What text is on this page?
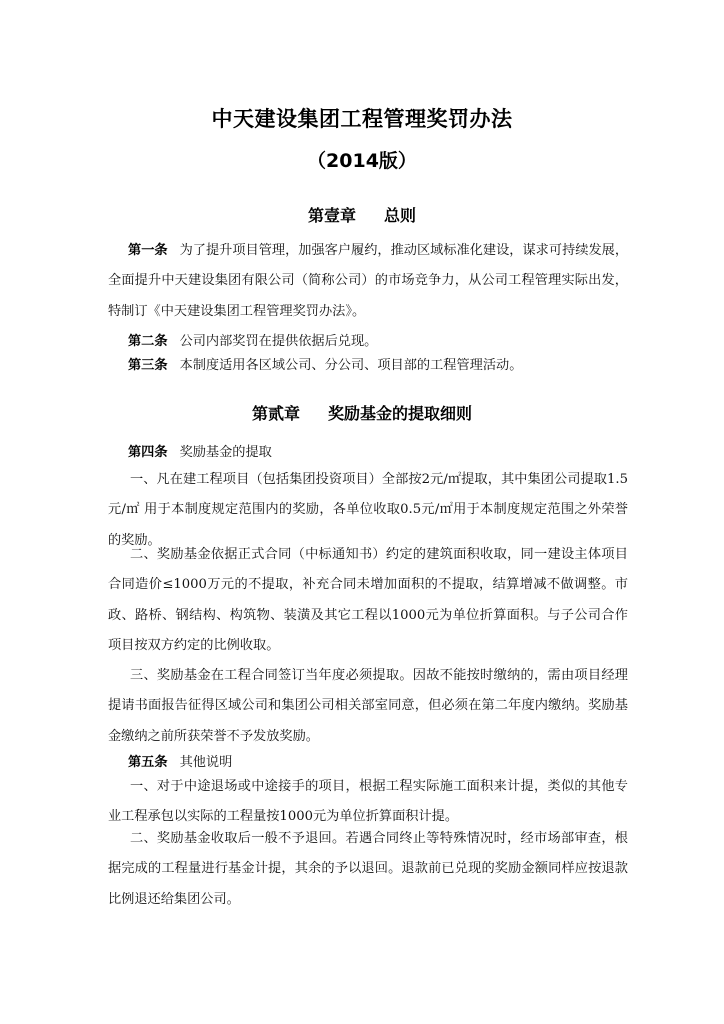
中天建设集团工程管理奖罚办法
（2014版）
第壹章 总则
第一条 为了提升项目管理，加强客户履约，推动区域标准化建设，谋求可持续发展，全面提升中天建设集团有限公司（简称公司）的市场竞争力，从公司工程管理实际出发，特制订《中天建设集团工程管理奖罚办法》。
第二条 公司内部奖罚在提供依据后兑现。
第三条 本制度适用各区域公司、分公司、项目部的工程管理活动。
第贰章 奖励基金的提取细则
第四条 奖励基金的提取
一、凡在建工程项目（包括集团投资项目）全部按2元/㎡提取，其中集团公司提取1.5元/㎡ 用于本制度规定范围内的奖励，各单位收取0.5元/㎡用于本制度规定范围之外荣誉的奖励。
二、奖励基金依据正式合同（中标通知书）约定的建筑面积收取，同一建设主体项目合同造价≤1000万元的不提取，补充合同未增加面积的不提取，结算增减不做调整。市政、路桥、钢结构、构筑物、装潢及其它工程以1000元为单位折算面积。与子公司合作项目按双方约定的比例收取。
三、奖励基金在工程合同签订当年度必须提取。因故不能按时缴纳的，需由项目经理提请书面报告征得区域公司和集团公司相关部室同意，但必须在第二年度内缴纳。奖励基金缴纳之前所获荣誉不予发放奖励。
第五条 其他说明
一、对于中途退场或中途接手的项目，根据工程实际施工面积来计提，类似的其他专业工程承包以实际的工程量按1000元为单位折算面积计提。
二、奖励基金收取后一般不予退回。若遇合同终止等特殊情况时，经市场部审查，根据完成的工程量进行基金计提，其余的予以退回。退款前已兑现的奖励金额同样应按退款比例退还给集团公司。
